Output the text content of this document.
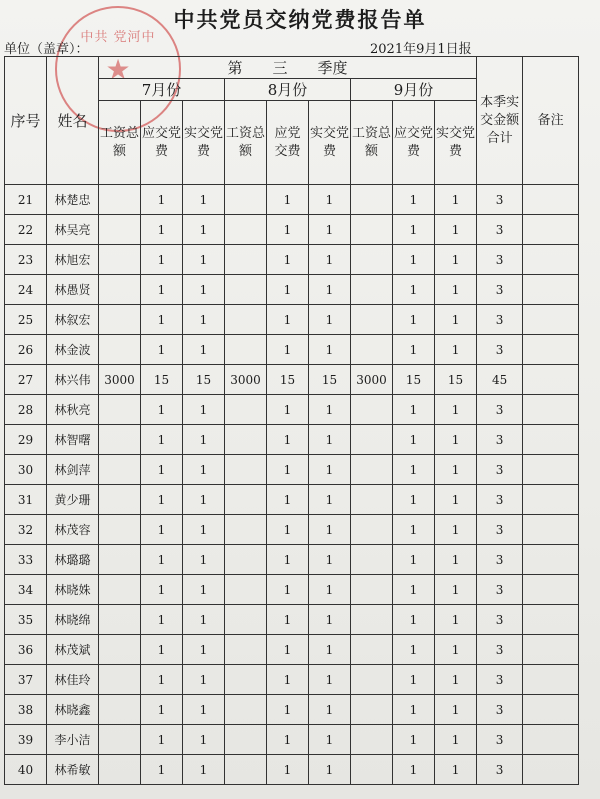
中共 党河中
★
中共党员交纳党费报告单
单位（盖章）：	2021年9月1日报
序号	姓名	第　　三　　季度									本季实交金额 合计	备注
		7月份			8月份			9月份				
		工资总额	应交党费	实交党费	工资总额	应党 交费	实交党费	工资总额	应交党费	实交党费		
21	林楚忠		1	1		1	1		1	1	3	
22	林吴亮		1	1		1	1		1	1	3	
23	林旭宏		1	1		1	1		1	1	3	
24	林愚贤		1	1		1	1		1	1	3	
25	林叙宏		1	1		1	1		1	1	3	
26	林金波		1	1		1	1		1	1	3	
27	林兴伟	3000	15	15	3000	15	15	3000	15	15	45	
28	林秋亮		1	1		1	1		1	1	3	
29	林智曙		1	1		1	1		1	1	3	
30	林剑萍		1	1		1	1		1	1	3	
31	黄少珊		1	1		1	1		1	1	3	
32	林茂容		1	1		1	1		1	1	3	
33	林璐璐		1	1		1	1		1	1	3	
34	林晓姝		1	1		1	1		1	1	3	
35	林晓绵		1	1		1	1		1	1	3	
36	林茂斌		1	1		1	1		1	1	3	
37	林佳玲		1	1		1	1		1	1	3	
38	林晓鑫		1	1		1	1		1	1	3	
39	李小洁		1	1		1	1		1	1	3	
40	林希敏		1	1		1	1		1	1	3	
